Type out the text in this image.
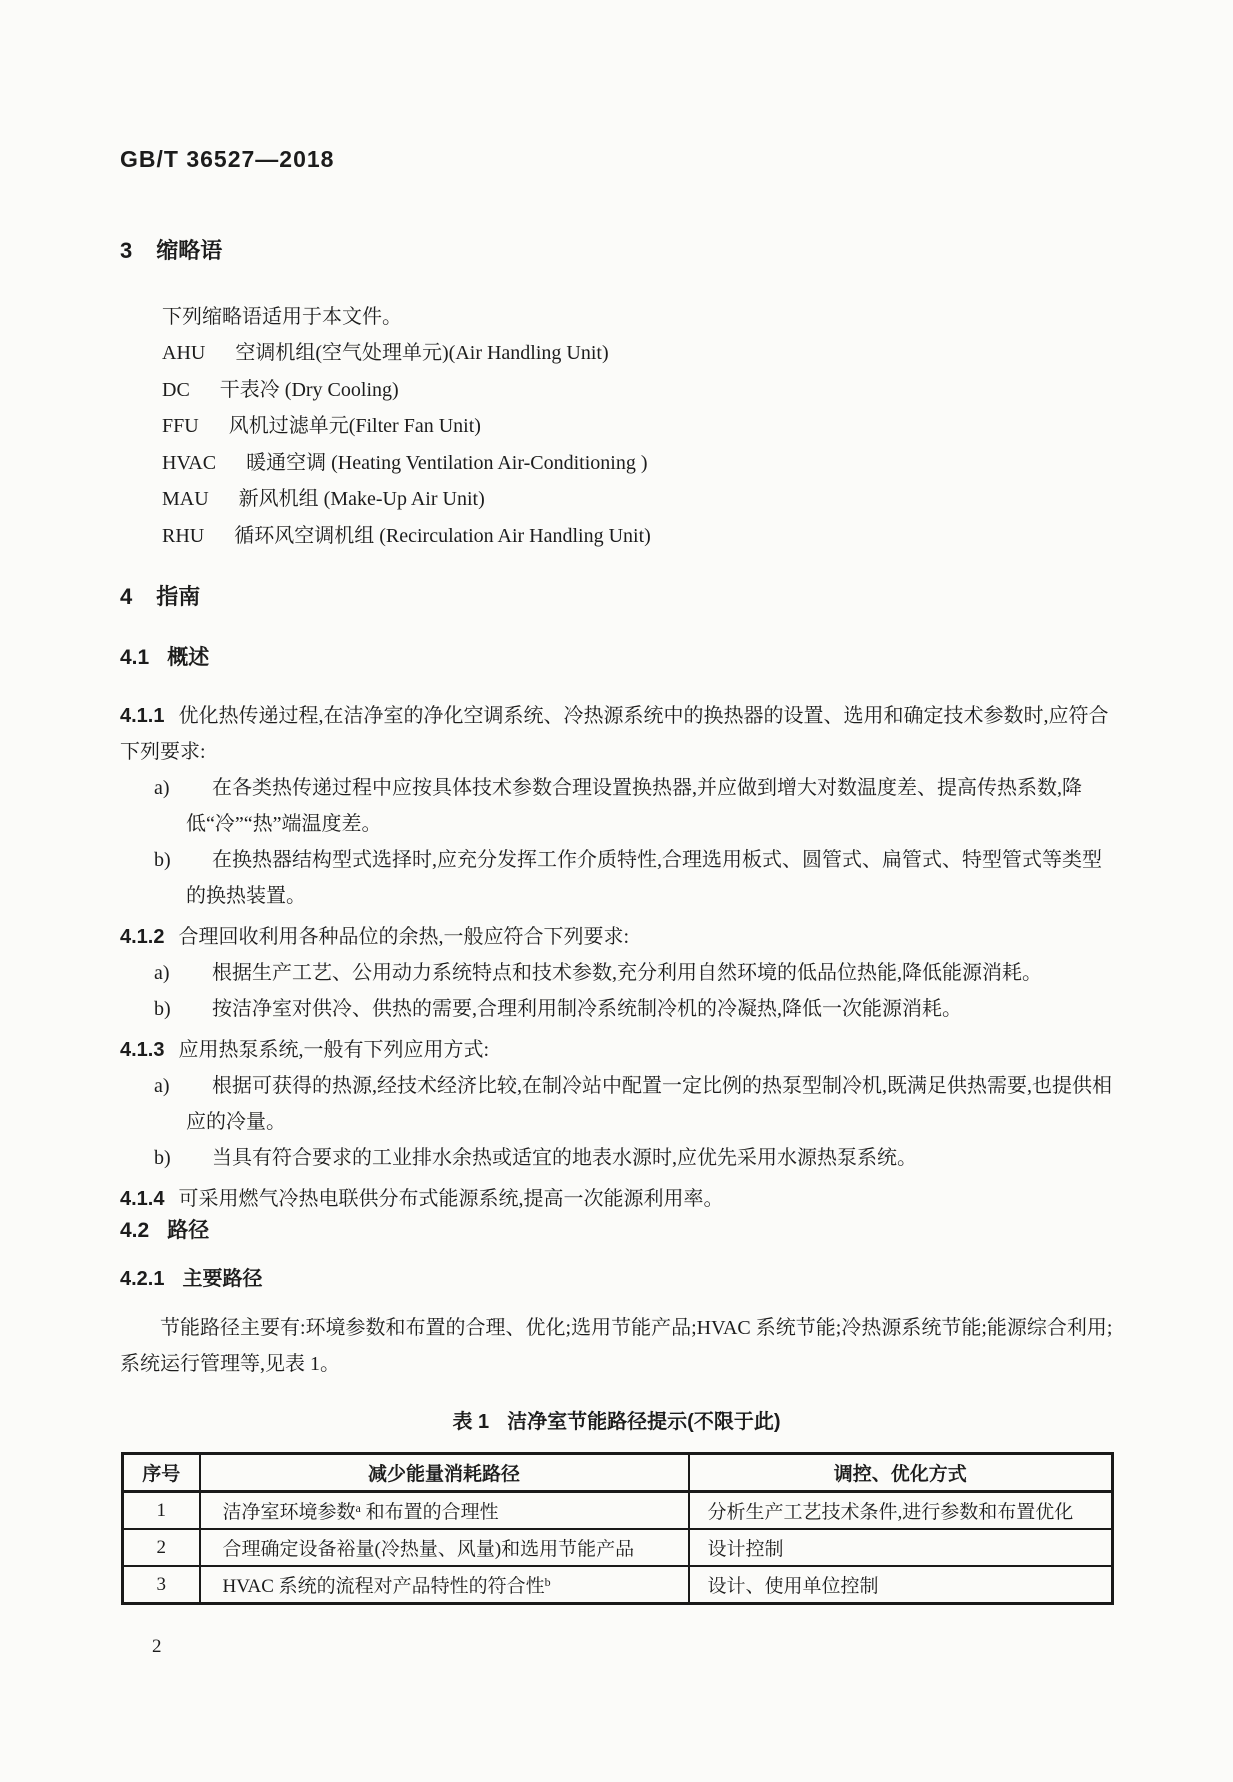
GB/T 36527—2018
3 缩略语
下列缩略语适用于本文件。
AHU 空调机组(空气处理单元)(Air Handling Unit)
DC 干表冷 (Dry Cooling)
FFU 风机过滤单元(Filter Fan Unit)
HVAC 暖通空调 (Heating Ventilation Air-Conditioning )
MAU 新风机组 (Make-Up Air Unit)
RHU 循环风空调机组 (Recirculation Air Handling Unit)
4 指南
4.1 概述
4.1.1 优化热传递过程,在洁净室的净化空调系统、冷热源系统中的换热器的设置、选用和确定技术参数时,应符合下列要求:
a) 在各类热传递过程中应按具体技术参数合理设置换热器,并应做到增大对数温度差、提高传热系数,降低“冷”“热”端温度差。
b) 在换热器结构型式选择时,应充分发挥工作介质特性,合理选用板式、圆管式、扁管式、特型管式等类型的换热装置。
4.1.2 合理回收利用各种品位的余热,一般应符合下列要求:
a) 根据生产工艺、公用动力系统特点和技术参数,充分利用自然环境的低品位热能,降低能源消耗。
b) 按洁净室对供冷、供热的需要,合理利用制冷系统制冷机的冷凝热,降低一次能源消耗。
4.1.3 应用热泵系统,一般有下列应用方式:
a) 根据可获得的热源,经技术经济比较,在制冷站中配置一定比例的热泵型制冷机,既满足供热需要,也提供相应的冷量。
b) 当具有符合要求的工业排水余热或适宜的地表水源时,应优先采用水源热泵系统。
4.1.4 可采用燃气冷热电联供分布式能源系统,提高一次能源利用率。
4.2 路径
4.2.1 主要路径
节能路径主要有:环境参数和布置的合理、优化;选用节能产品;HVAC 系统节能;冷热源系统节能;能源综合利用;系统运行管理等,见表 1。
表 1 洁净室节能路径提示(不限于此)
序号	减少能量消耗路径	调控、优化方式
1	洁净室环境参数$^a$ 和布置的合理性	分析生产工艺技术条件,进行参数和布置优化
2	合理确定设备裕量(冷热量、风量)和选用节能产品	设计控制
3	HVAC 系统的流程对产品特性的符合性$^b$	设计、使用单位控制
2
